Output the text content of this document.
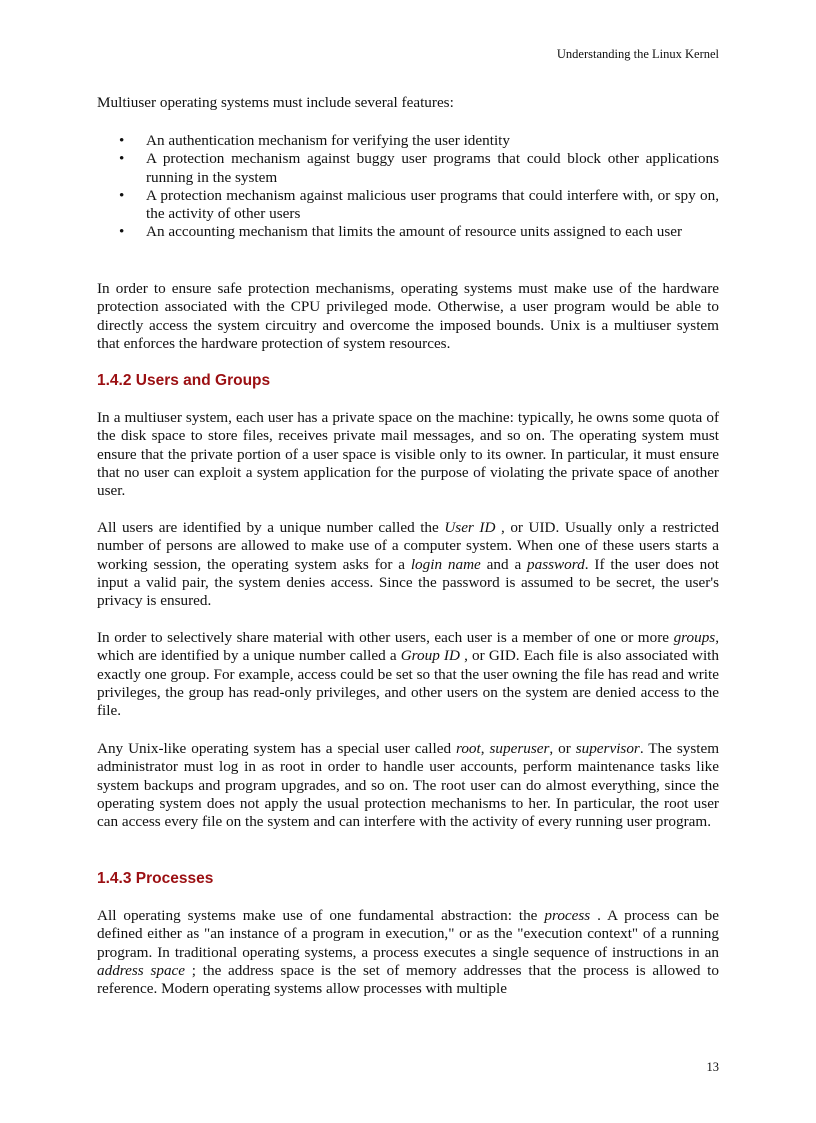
Understanding the Linux Kernel

Multiuser operating systems must include several features:

• An authentication mechanism for verifying the user identity
• A protection mechanism against buggy user programs that could block other applications running in the system
• A protection mechanism against malicious user programs that could interfere with, or spy on, the activity of other users
• An accounting mechanism that limits the amount of resource units assigned to each user

In order to ensure safe protection mechanisms, operating systems must make use of the hardware protection associated with the CPU privileged mode. Otherwise, a user program would be able to directly access the system circuitry and overcome the imposed bounds. Unix is a multiuser system that enforces the hardware protection of system resources.

1.4.2 Users and Groups

In a multiuser system, each user has a private space on the machine: typically, he owns some quota of the disk space to store files, receives private mail messages, and so on. The operating system must ensure that the private portion of a user space is visible only to its owner. In particular, it must ensure that no user can exploit a system application for the purpose of violating the private space of another user.

All users are identified by a unique number called the User ID , or UID. Usually only a restricted number of persons are allowed to make use of a computer system. When one of these users starts a working session, the operating system asks for a login name and a password. If the user does not input a valid pair, the system denies access. Since the password is assumed to be secret, the user's privacy is ensured.

In order to selectively share material with other users, each user is a member of one or more groups, which are identified by a unique number called a Group ID , or GID. Each file is also associated with exactly one group. For example, access could be set so that the user owning the file has read and write privileges, the group has read-only privileges, and other users on the system are denied access to the file.

Any Unix-like operating system has a special user called root, superuser, or supervisor. The system administrator must log in as root in order to handle user accounts, perform maintenance tasks like system backups and program upgrades, and so on. The root user can do almost everything, since the operating system does not apply the usual protection mechanisms to her. In particular, the root user can access every file on the system and can interfere with the activity of every running user program.

1.4.3 Processes

All operating systems make use of one fundamental abstraction: the process . A process can be defined either as "an instance of a program in execution," or as the "execution context" of a running program. In traditional operating systems, a process executes a single sequence of instructions in an address space ; the address space is the set of memory addresses that the process is allowed to reference. Modern operating systems allow processes with multiple

13
